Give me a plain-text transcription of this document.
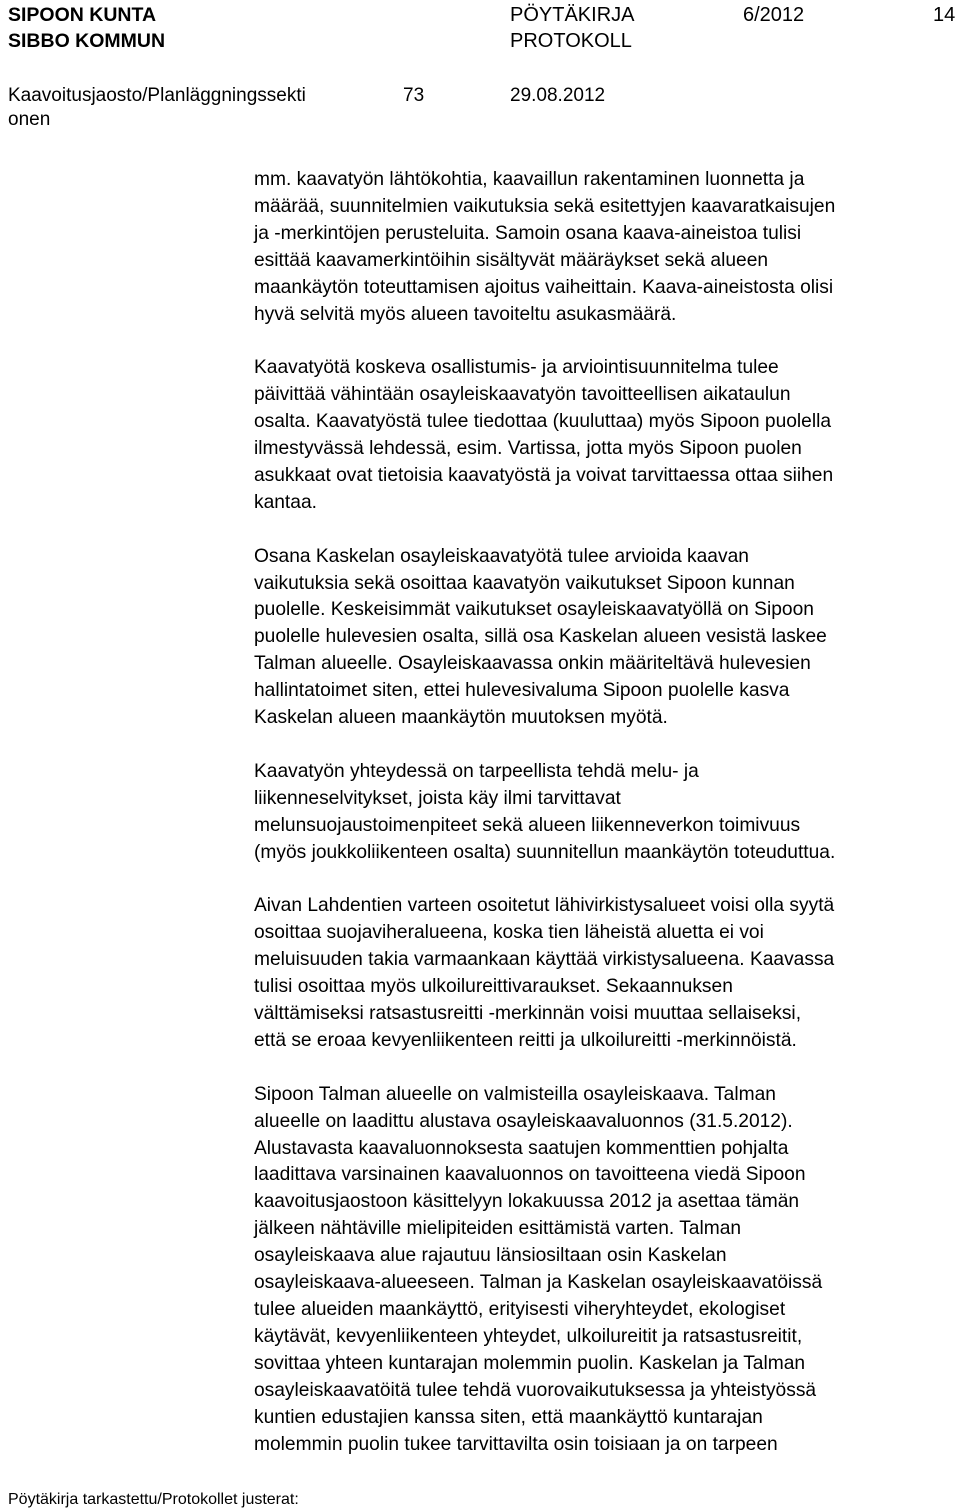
SIPOON KUNTA
SIBBO KOMMUN
PÖYTÄKIRJA
PROTOKOLL
6/2012	14
Kaavoitusjaosto/Planläggningssekti
onen
73	29.08.2012

mm. kaavatyön lähtökohtia, kaavaillun rakentaminen luonnetta ja
määrää, suunnitelmien vaikutuksia sekä esitettyjen kaavaratkaisujen
ja -merkintöjen perusteluita. Samoin osana kaava-aineistoa tulisi
esittää kaavamerkintöihin sisältyvät määräykset sekä alueen
maankäytön toteuttamisen ajoitus vaiheittain. Kaava-aineistosta olisi
hyvä selvitä myös alueen tavoiteltu asukasmäärä.

Kaavatyötä koskeva osallistumis- ja arviointisuunnitelma tulee
päivittää vähintään osayleiskaavatyön tavoitteellisen aikataulun
osalta. Kaavatyöstä tulee tiedottaa (kuuluttaa) myös Sipoon puolella
ilmestyvässä lehdessä, esim. Vartissa, jotta myös Sipoon puolen
asukkaat ovat tietoisia kaavatyöstä ja voivat tarvittaessa ottaa siihen
kantaa.

Osana Kaskelan osayleiskaavatyötä tulee arvioida kaavan
vaikutuksia sekä osoittaa kaavatyön vaikutukset Sipoon kunnan
puolelle. Keskeisimmät vaikutukset osayleiskaavatyöllä on Sipoon
puolelle hulevesien osalta, sillä osa Kaskelan alueen vesistä laskee
Talman alueelle. Osayleiskaavassa onkin määriteltävä hulevesien
hallintatoimet siten, ettei hulevesivaluma Sipoon puolelle kasva
Kaskelan alueen maankäytön muutoksen myötä.

Kaavatyön yhteydessä on tarpeellista tehdä melu- ja
liikenneselvitykset, joista käy ilmi tarvittavat
melunsuojaustoimenpiteet sekä alueen liikenneverkon toimivuus
(myös joukkoliikenteen osalta) suunnitellun maankäytön toteuduttua.

Aivan Lahdentien varteen osoitetut lähivirkistysalueet voisi olla syytä
osoittaa suojaviheralueena, koska tien läheistä aluetta ei voi
meluisuuden takia varmaankaan käyttää virkistysalueena. Kaavassa
tulisi osoittaa myös ulkoilureittivaraukset. Sekaannuksen
välttämiseksi ratsastusreitti -merkinnän voisi muuttaa sellaiseksi,
että se eroaa kevyenliikenteen reitti ja ulkoilureitti -merkinnöistä.

Sipoon Talman alueelle on valmisteilla osayleiskaava. Talman
alueelle on laadittu alustava osayleiskaavaluonnos (31.5.2012).
Alustavasta kaavaluonnoksesta saatujen kommenttien pohjalta
laadittava varsinainen kaavaluonnos on tavoitteena viedä Sipoon
kaavoitusjaostoon käsittelyyn lokakuussa 2012 ja asettaa tämän
jälkeen nähtäville mielipiteiden esittämistä varten. Talman
osayleiskaava alue rajautuu länsiosiltaan osin Kaskelan
osayleiskaava-alueeseen. Talman ja Kaskelan osayleiskaavatöissä
tulee alueiden maankäyttö, erityisesti viheryhteydet, ekologiset
käytävät, kevyenliikenteen yhteydet, ulkoilureitit ja ratsastusreitit,
sovittaa yhteen kuntarajan molemmin puolin. Kaskelan ja Talman
osayleiskaavatöitä tulee tehdä vuorovaikutuksessa ja yhteistyössä
kuntien edustajien kanssa siten, että maankäyttö kuntarajan
molemmin puolin tukee tarvittavilta osin toisiaan ja on tarpeen

Pöytäkirja tarkastettu/Protokollet justerat:
